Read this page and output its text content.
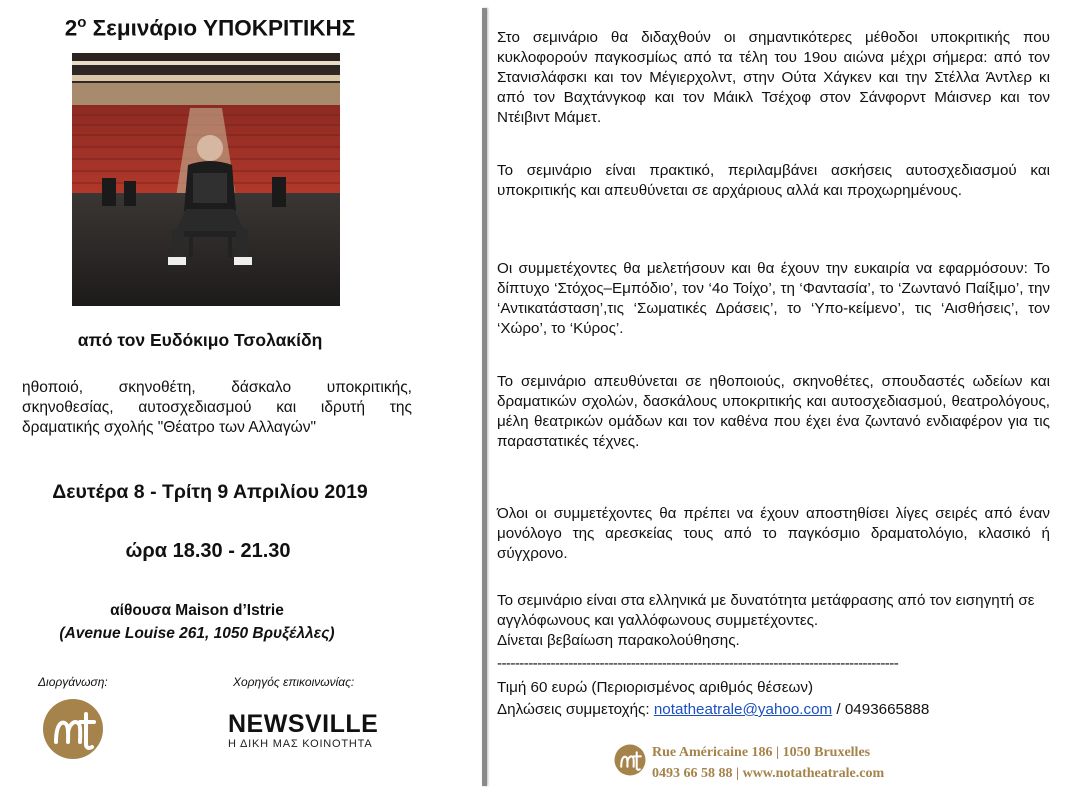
$2^o$ Σεμινάριο ΥΠΟΚΡΙΤΙΚΗΣ
από τον Ευδόκιμο Τσολακίδη

ηθοποιό, σκηνοθέτη, δάσκαλο υποκριτικής, σκηνοθεσίας, αυτοσχεδιασμού και ιδρυτή της δραματικής σχολής "Θέατρο των Αλλαγών"

Δευτέρα 8 - Τρίτη 9 Απριλίου 2019
ώρα 18.30 - 21.30
αίθουσα Maison d’Istrie
(Avenue Louise 261, 1050 Βρυξέλλες)
Διοργάνωση:	Χορηγός επικοινωνίας:
NEWSVILLE
Η ΔΙΚΗ ΜΑΣ ΚΟΙΝΟΤΗΤΑ

Στο σεμινάριο θα διδαχθούν οι σημαντικότερες μέθοδοι υποκριτικής που κυκλοφορούν παγκοσμίως από τα τέλη του 19ου αιώνα μέχρι σήμερα: από τον Στανισλάφσκι και τον Μέγιερχολντ, στην Ούτα Χάγκεν και την Στέλλα Άντλερ κι από τον Βαχτάνγκοφ και τον Μάικλ Τσέχοφ στον Σάνφορντ Μάισνερ και τον Ντέιβιντ Μάμετ.

Το σεμινάριο είναι πρακτικό, περιλαμβάνει ασκήσεις αυτοσχεδιασμού και υποκριτικής και απευθύνεται σε αρχάριους αλλά και προχωρημένους.

Οι συμμετέχοντες θα μελετήσουν και θα έχουν την ευκαιρία να εφαρμόσουν: Το δίπτυχο ‘Στόχος–Εμπόδιο’, τον ‘4ο Τοίχο’, τη ‘Φαντασία’, το ‘Ζωντανό Παίξιμο’, την ‘Αντικατάσταση’,τις ‘Σωματικές Δράσεις’, το ‘Υπο-κείμενο’, τις ‘Αισθήσεις’, τον ‘Χώρο’, το ‘Κύρος’.

Το σεμινάριο απευθύνεται σε ηθοποιούς, σκηνοθέτες, σπουδαστές ωδείων και δραματικών σχολών, δασκάλους υποκριτικής και αυτοσχεδιασμού, θεατρολόγους, μέλη θεατρικών ομάδων και τον καθένα που έχει ένα ζωντανό ενδιαφέρον για τις παραστατικές τέχνες.

Όλοι οι συμμετέχοντες θα πρέπει να έχουν αποστηθίσει λίγες σειρές από έναν μονόλογο της αρεσκείας τους από το παγκόσμιο δραματολόγιο, κλασικό ή σύγχρονο.

Το σεμινάριο είναι στα ελληνικά με δυνατότητα μετάφρασης από τον εισηγητή σε αγγλόφωνους και γαλλόφωνους συμμετέχοντες.
Δίνεται βεβαίωση παρακολούθησης.
------------------------------------------------------------------------------------------
Τιμή 60 ευρώ (Περιορισμένος αριθμός θέσεων)
Δηλώσεις συμμετοχής: notatheatrale@yahoo.com / 0493665888
Rue Américaine 186 | 1050 Bruxelles
0493 66 58 88 | www.notatheatrale.com
